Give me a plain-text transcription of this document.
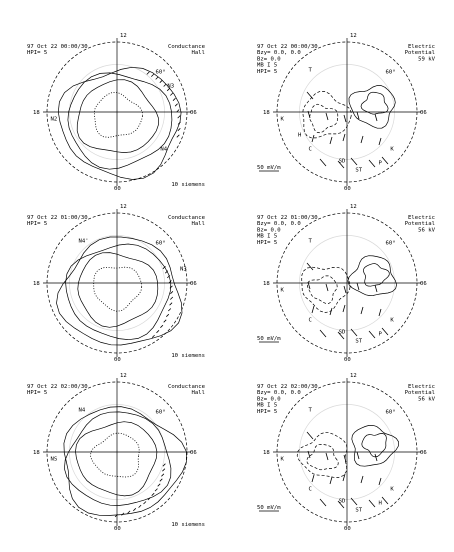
97 Oct 22 00:00/30
HPI= 5
Conductance
Hall
12
18	06
00
60°
N3
N2
N4
10 siemens
97 Oct 22 00:00/30
Bzy= 0.0, 0.0
Bz= 0.0
MB I 5
HPI= 5
Electric
Potential
59 kV
12
18	06
00
60°
T
K
H
C
SD
ST
P
K
50 mV/m
97 Oct 22 01:00/30
HPI= 5
Conductance
Hall
12
18	06
00
60°
N4'
N3
10 siemens
97 Oct 22 01:00/30
Bzy= 0.0, 0.0
Bz= 0.0
MB I 5
HPI= 5
Electric
Potential
56 kV
12
18	06
00
60°
T
K
C
SD
ST
P
K
50 mV/m
97 Oct 22 02:00/30
HPI= 5
Conductance
Hall
12
18	06
00
60°
N4
NS
10 siemens
97 Oct 22 02:00/30
Bzy= 0.0, 0.0
Bz= 0.0
MB I 5
HPI= 5
Electric
Potential
56 kV
12
18	06
00
60°
T
K
C
SD
ST
H
K
50 mV/m
